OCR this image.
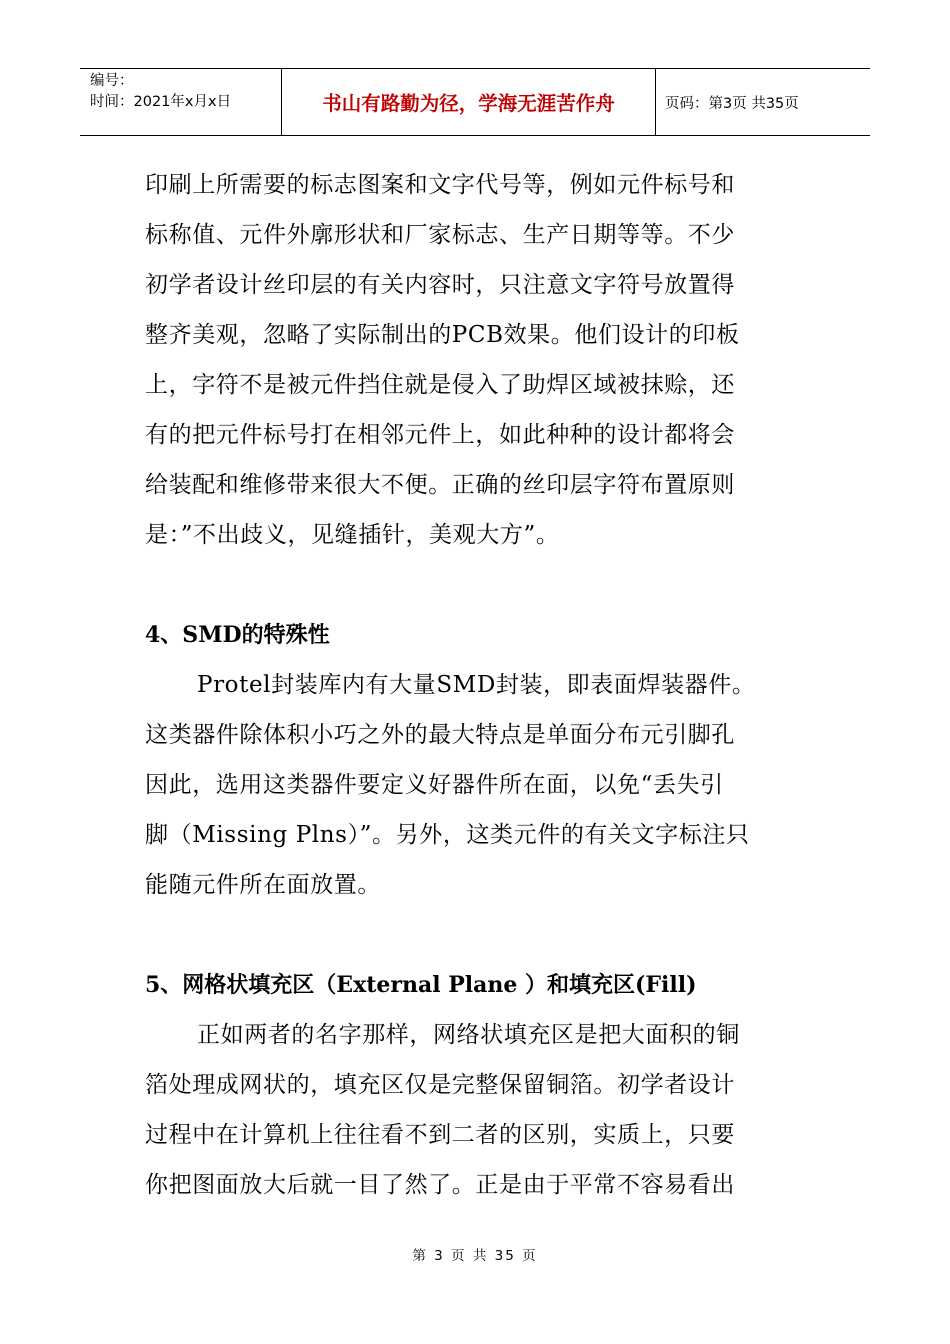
编号：
时间：2021年x月x日	书山有路勤为径，学海无涯苦作舟	页码：第3页 共35页

印刷上所需要的标志图案和文字代号等，例如元件标号和
标称值、元件外廓形状和厂家标志、生产日期等等。不少
初学者设计丝印层的有关内容时，只注意文字符号放置得
整齐美观，忽略了实际制出的PCB效果。他们设计的印板
上，字符不是被元件挡住就是侵入了助焊区域被抹赊，还
有的把元件标号打在相邻元件上，如此种种的设计都将会
给装配和维修带来很大不便。正确的丝印层字符布置原则
是：”不出歧义，见缝插针，美观大方”。

4、SMD的特殊性

Protel封装库内有大量SMD封装，即表面焊装器件。
这类器件除体积小巧之外的最大特点是单面分布元引脚孔
因此，选用这类器件要定义好器件所在面，以免“丢失引
脚（Missing Plns）”。另外，这类元件的有关文字标注只
能随元件所在面放置。

5、网格状填充区（External Plane ）和填充区(Fill)

正如两者的名字那样，网络状填充区是把大面积的铜
箔处理成网状的，填充区仅是完整保留铜箔。初学者设计
过程中在计算机上往往看不到二者的区别，实质上，只要
你把图面放大后就一目了然了。正是由于平常不容易看出

第 3 页 共 35 页
